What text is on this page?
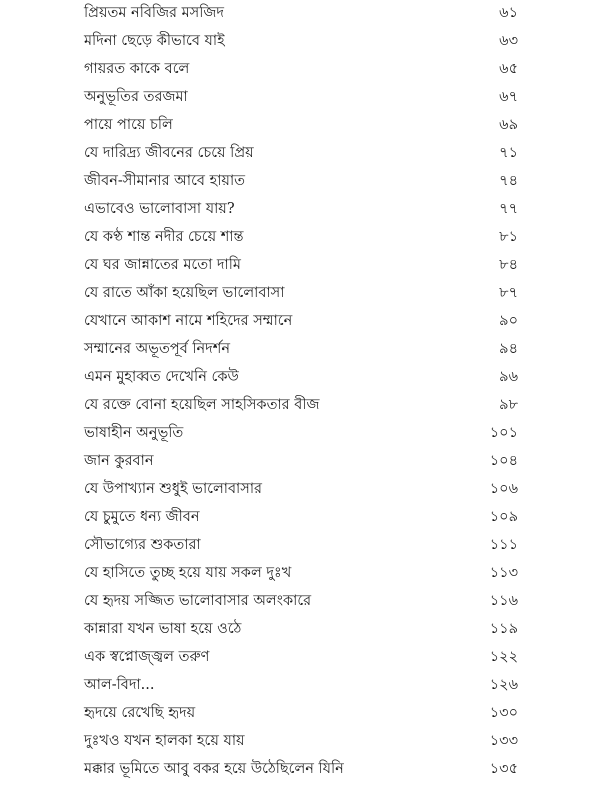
প্রিয়তম নবিজির মসজিদ	৬১
মদিনা ছেড়ে কীভাবে যাই	৬৩
গায়রত কাকে বলে	৬৫
অনুভূতির তরজমা	৬৭
পায়ে পায়ে চলি	৬৯
যে দারিদ্র্য জীবনের চেয়ে প্রিয়	৭১
জীবন-সীমানার আবে হায়াত	৭৪
এভাবেও ভালোবাসা যায়?	৭৭
যে কণ্ঠ শান্ত নদীর চেয়ে শান্ত	৮১
যে ঘর জান্নাতের মতো দামি	৮৪
যে রাতে আঁকা হয়েছিল ভালোবাসা	৮৭
যেখানে আকাশ নামে শহিদের সম্মানে	৯০
সম্মানের অভূতপূর্ব নিদর্শন	৯৪
এমন মুহাব্বত দেখেনি কেউ	৯৬
যে রক্তে বোনা হয়েছিল সাহসিকতার বীজ	৯৮
ভাষাহীন অনুভূতি	১০১
জান কুরবান	১০৪
যে উপাখ্যান শুধুই ভালোবাসার	১০৬
যে চুমুতে ধন্য জীবন	১০৯
সৌভাগ্যের শুকতারা	১১১
যে হাসিতে তুচ্ছ হয়ে যায় সকল দুঃখ	১১৩
যে হৃদয় সজ্জিত ভালোবাসার অলংকারে	১১৬
কান্নারা যখন ভাষা হয়ে ওঠে	১১৯
এক স্বপ্নোজ্জ্বল তরুণ	১২২
আল-বিদা...	১২৬
হৃদয়ে রেখেছি হৃদয়	১৩০
দুঃখও যখন হালকা হয়ে যায়	১৩৩
মক্কার ভূমিতে আবু বকর হয়ে উঠেছিলেন যিনি	১৩৫
